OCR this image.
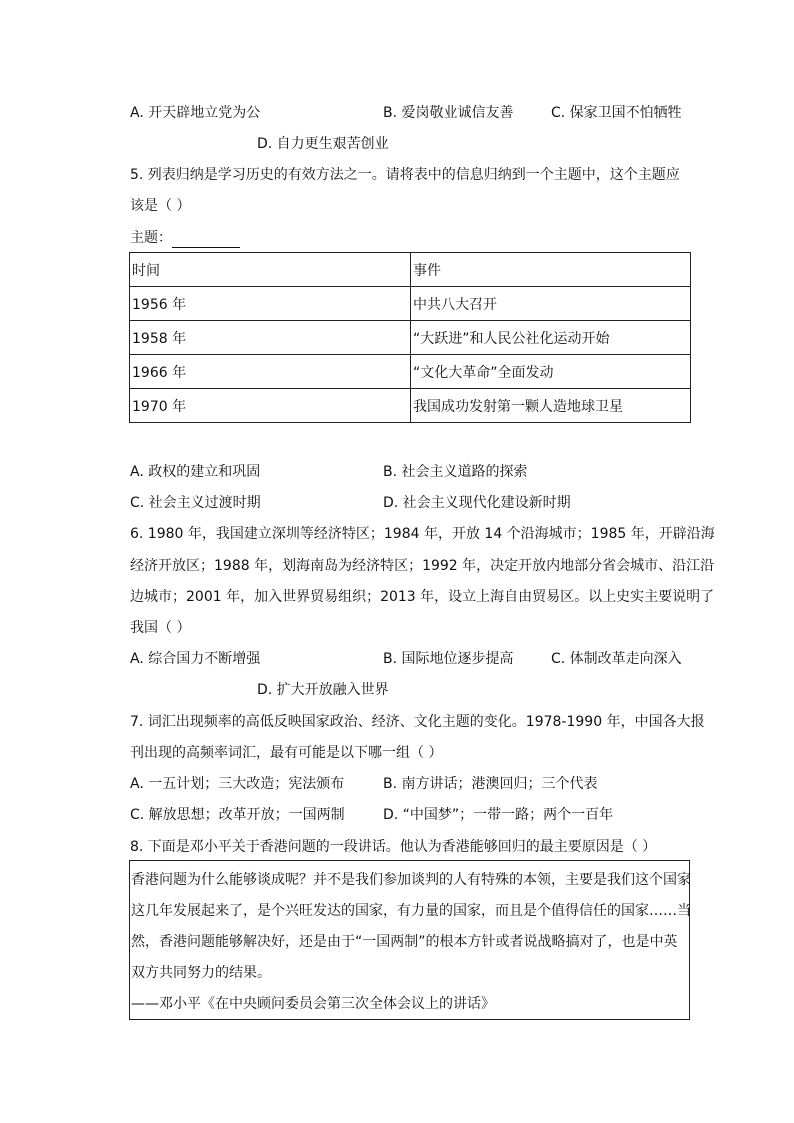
A. 开天辟地立党为公	B. 爱岗敬业诚信友善	C. 保家卫国不怕牺牲
D. 自力更生艰苦创业
5. 列表归纳是学习历史的有效方法之一。请将表中的信息归纳到一个主题中，这个主题应
该是（ ）
主题：
时间	事件
1956 年	中共八大召开
1958 年	“大跃进”和人民公社化运动开始
1966 年	“文化大革命”全面发动
1970 年	我国成功发射第一颗人造地球卫星
A. 政权的建立和巩固	B. 社会主义道路的探索
C. 社会主义过渡时期	D. 社会主义现代化建设新时期
6. 1980 年，我国建立深圳等经济特区；1984 年，开放 14 个沿海城市；1985 年，开辟沿海
经济开放区；1988 年，划海南岛为经济特区；1992 年，决定开放内地部分省会城市、沿江沿
边城市；2001 年，加入世界贸易组织；2013 年，设立上海自由贸易区。以上史实主要说明了
我国（ ）
A. 综合国力不断增强	B. 国际地位逐步提高	C. 体制改革走向深入
D. 扩大开放融入世界
7. 词汇出现频率的高低反映国家政治、经济、文化主题的变化。1978-1990 年，中国各大报
刊出现的高频率词汇，最有可能是以下哪一组（ ）
A. 一五计划；三大改造；宪法颁布	B. 南方讲话；港澳回归；三个代表
C. 解放思想；改革开放；一国两制	D. “中国梦”；一带一路；两个一百年
8. 下面是邓小平关于香港问题的一段讲话。他认为香港能够回归的最主要原因是（ ）
香港问题为什么能够谈成呢？并不是我们参加谈判的人有特殊的本领，主要是我们这个国家
这几年发展起来了，是个兴旺发达的国家，有力量的国家，而且是个值得信任的国家……当
然，香港问题能够解决好，还是由于“一国两制”的根本方针或者说战略搞对了，也是中英
双方共同努力的结果。
——邓小平《在中央顾问委员会第三次全体会议上的讲话》
